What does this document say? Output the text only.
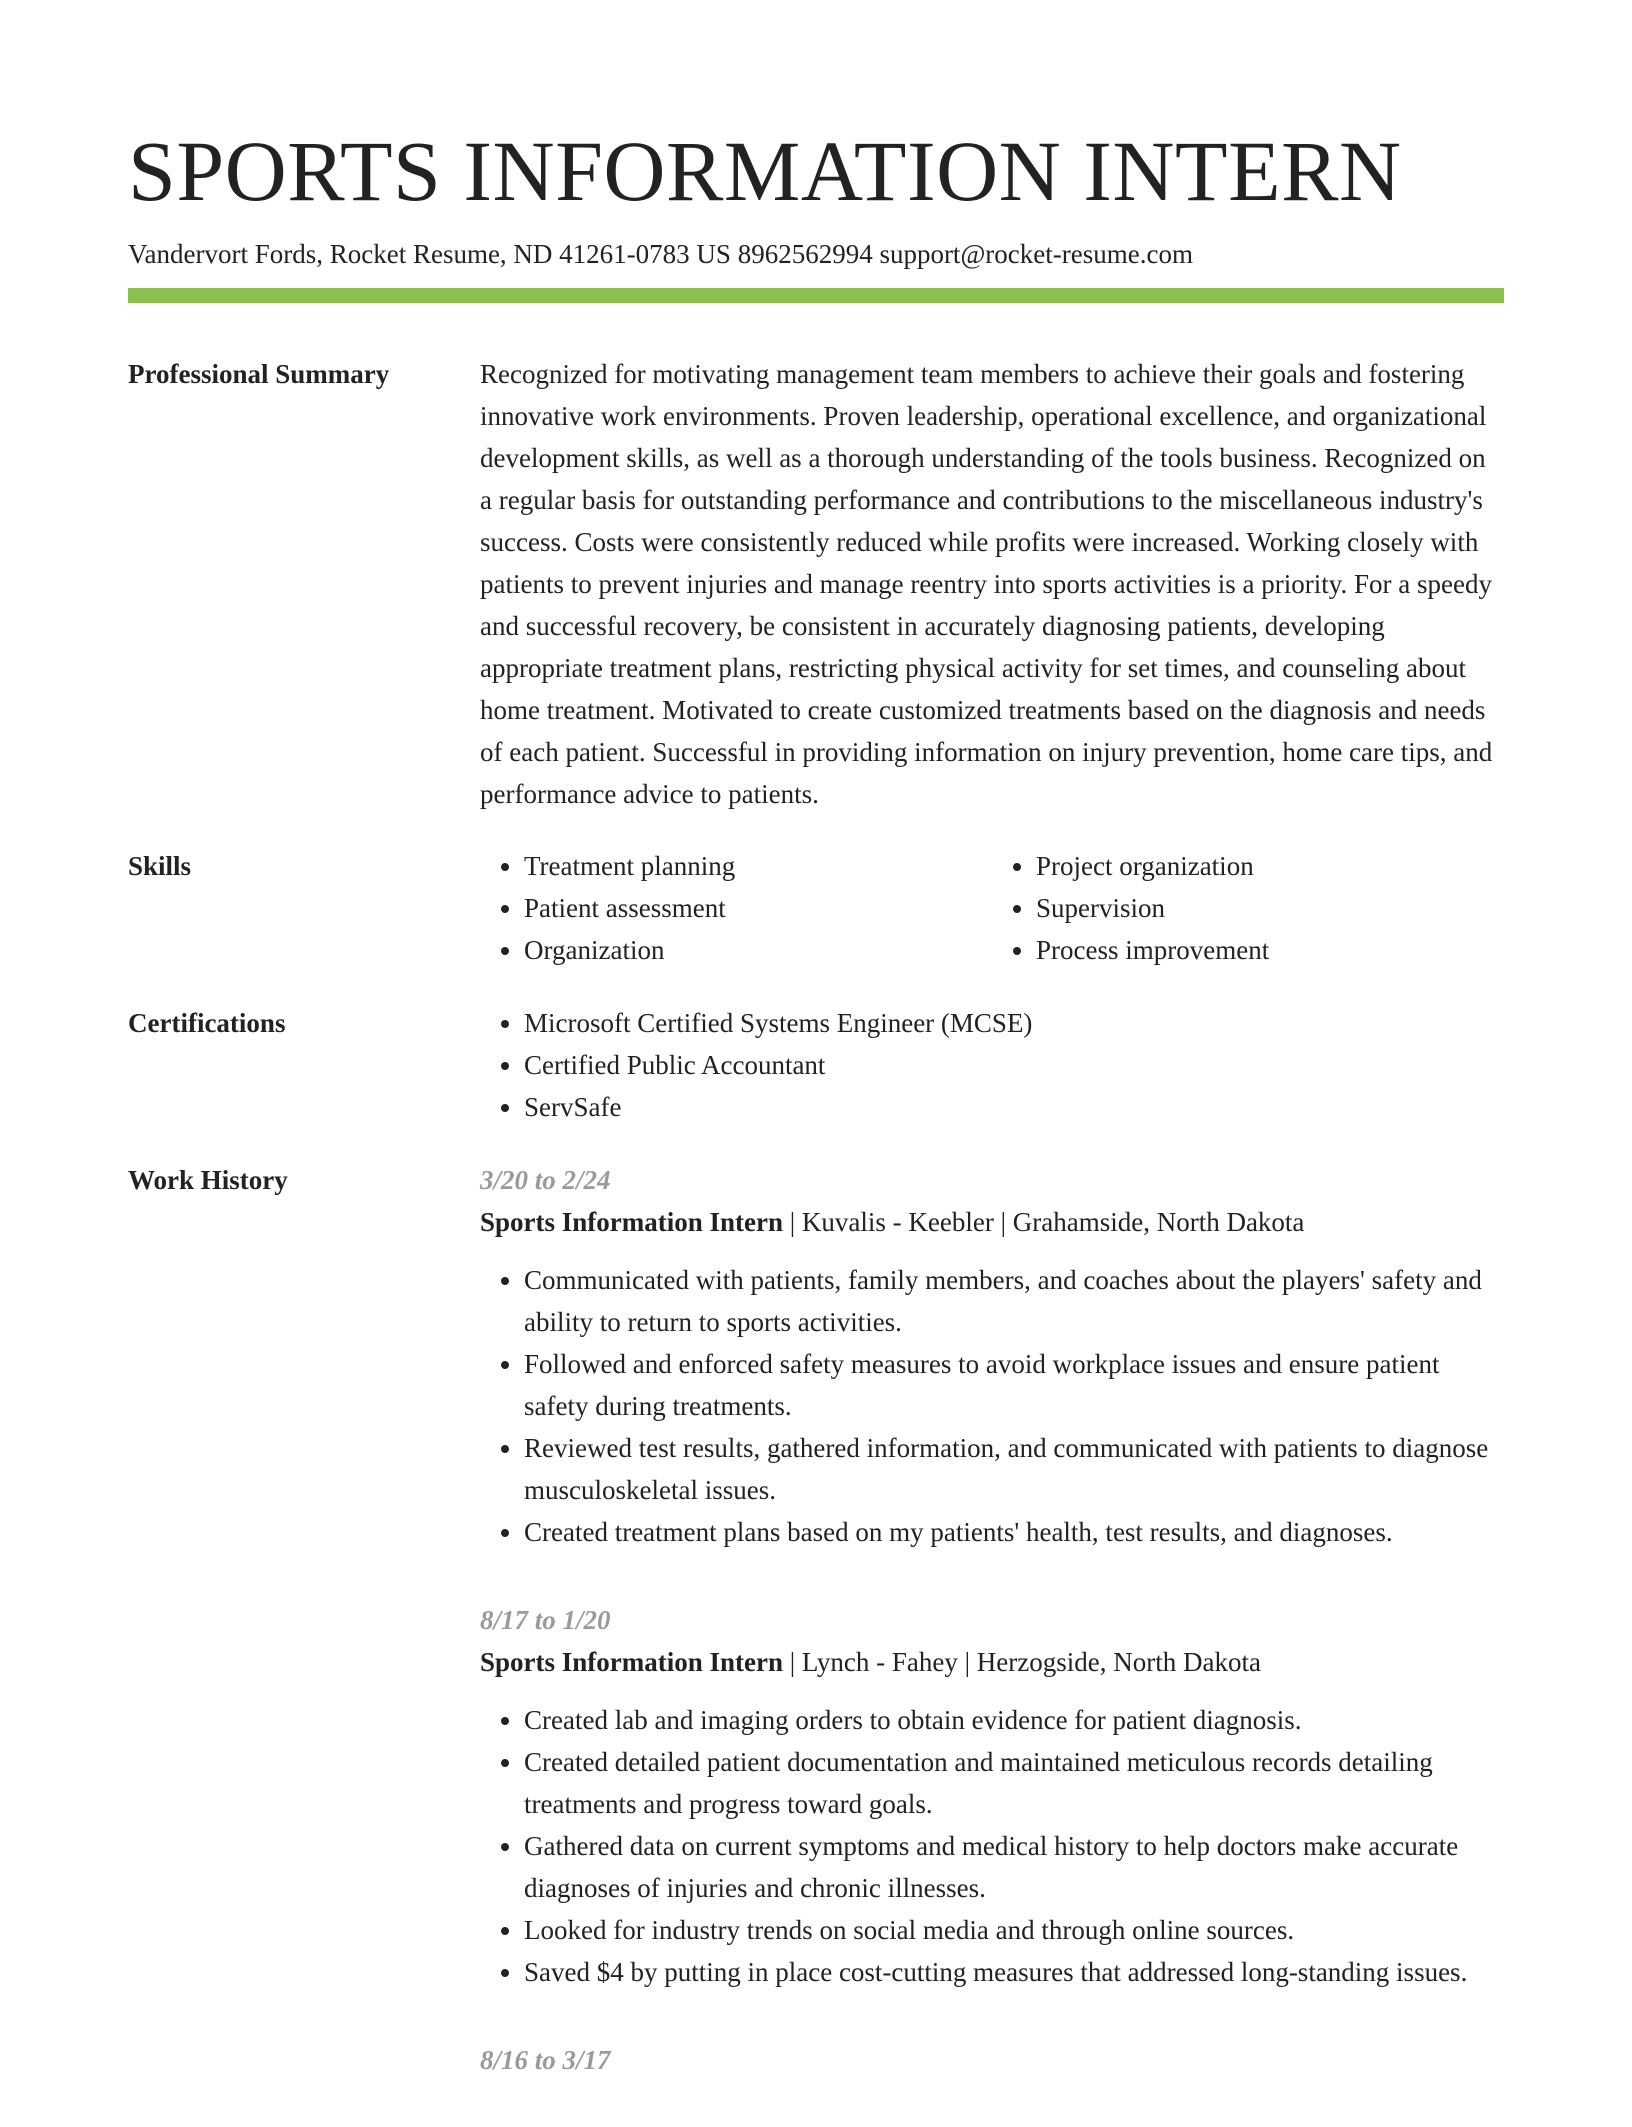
SPORTS INFORMATION INTERN
Vandervort Fords, Rocket Resume, ND 41261-0783 US 8962562994 support@rocket-resume.com
Professional Summary	Recognized for motivating management team members to achieve their goals and fostering innovative work environments. Proven leadership, operational excellence, and organizational development skills, as well as a thorough understanding of the tools business. Recognized on a regular basis for outstanding performance and contributions to the miscellaneous industry's success. Costs were consistently reduced while profits were increased. Working closely with patients to prevent injuries and manage reentry into sports activities is a priority. For a speedy and successful recovery, be consistent in accurately diagnosing patients, developing appropriate treatment plans, restricting physical activity for set times, and counseling about home treatment. Motivated to create customized treatments based on the diagnosis and needs of each patient. Successful in providing information on injury prevention, home care tips, and performance advice to patients.

Skills	• Treatment planning
• Patient assessment
• Organization
• Project organization
• Supervision
• Process improvement
Certifications	• Microsoft Certified Systems Engineer (MCSE)
• Certified Public Accountant
• ServSafe
Work History	3/20 to 2/24
Sports Information Intern | Kuvalis - Keebler | Grahamside, North Dakota
• Communicated with patients, family members, and coaches about the players' safety and ability to return to sports activities.
• Followed and enforced safety measures to avoid workplace issues and ensure patient safety during treatments.
• Reviewed test results, gathered information, and communicated with patients to diagnose musculoskeletal issues.
• Created treatment plans based on my patients' health, test results, and diagnoses.
8/17 to 1/20
Sports Information Intern | Lynch - Fahey | Herzogside, North Dakota
• Created lab and imaging orders to obtain evidence for patient diagnosis.
• Created detailed patient documentation and maintained meticulous records detailing treatments and progress toward goals.
• Gathered data on current symptoms and medical history to help doctors make accurate diagnoses of injuries and chronic illnesses.
• Looked for industry trends on social media and through online sources.
• Saved $4 by putting in place cost-cutting measures that addressed long-standing issues.
8/16 to 3/17
